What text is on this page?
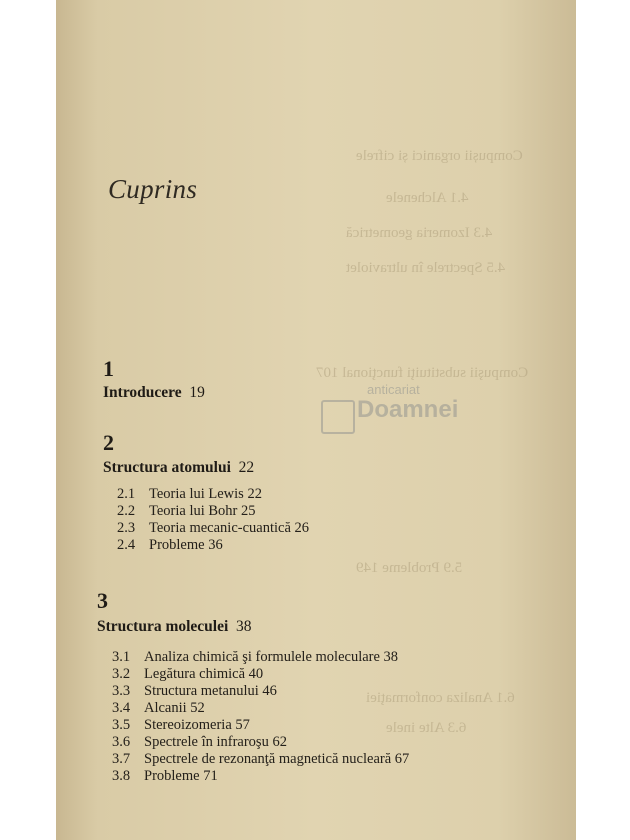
Compușii organici și cifrele
4.1 Alchenele
4.3 Izomeria geometrică
4.5 Spectrele în ultraviolet
Compuşii substituiţi funcţional 107
5.9 Probleme 149
6.1 Analiza conformaţiei
6.3 Alte inele
anticariat
Doamnei
Cuprins
1
Introducere 19
2
Structura atomului 22
2.1 Teoria lui Lewis 22
2.2 Teoria lui Bohr 25
2.3 Teoria mecanic-cuantică 26
2.4 Probleme 36
3
Structura moleculei 38
3.1 Analiza chimică şi formulele moleculare 38
3.2 Legătura chimică 40
3.3 Structura metanului 46
3.4 Alcanii 52
3.5 Stereoizomeria 57
3.6 Spectrele în infraroşu 62
3.7 Spectrele de rezonanţă magnetică nucleară 67
3.8 Probleme 71
